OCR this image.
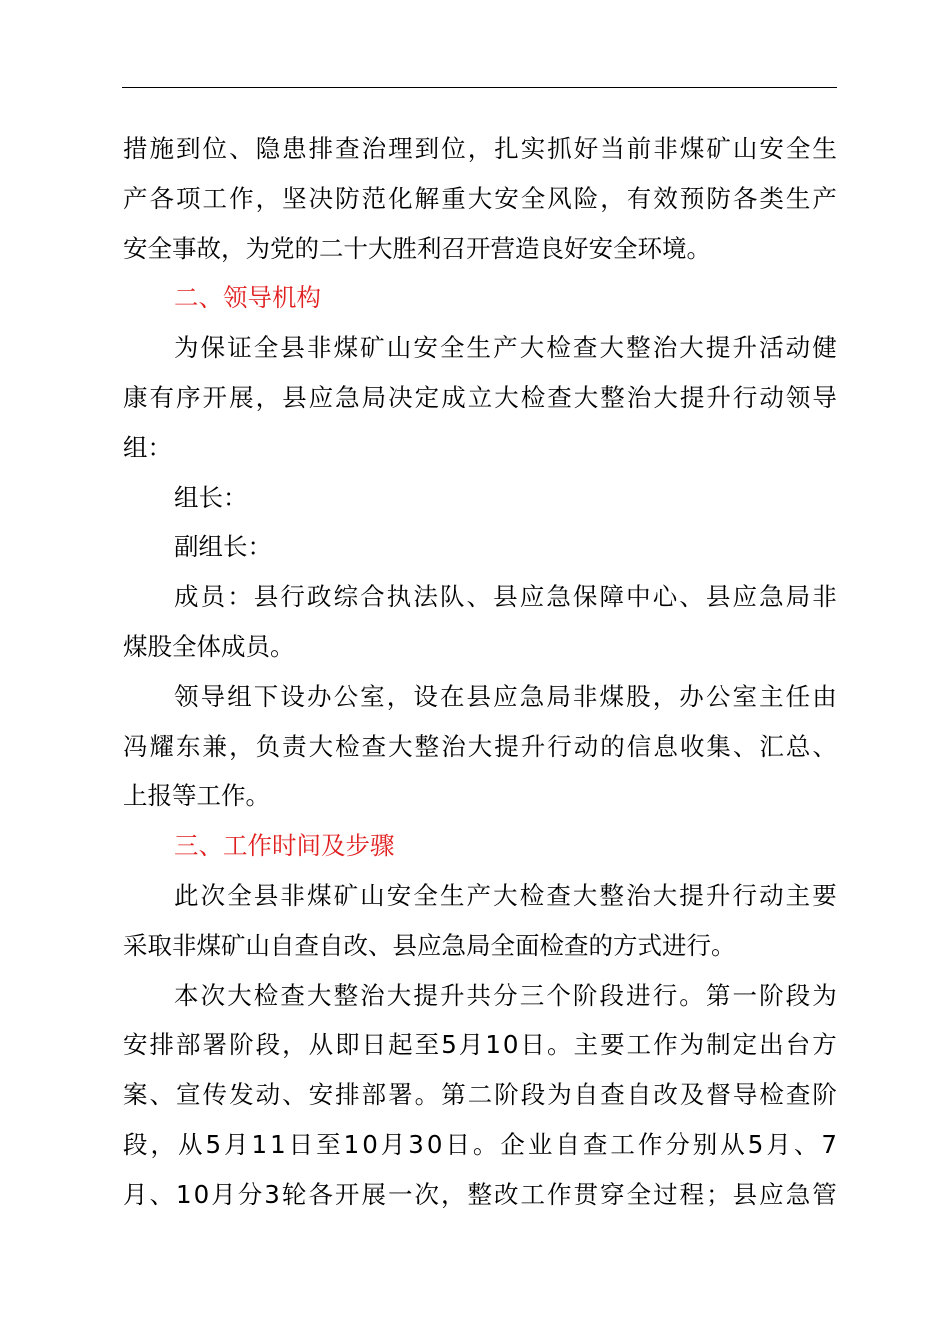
措 施 到 位 、 隐 患 排 查 治 理 到 位 ， 扎 实 抓 好 当 前 非 煤 矿 山 安 全 生
产 各 项 工 作 ， 坚 决 防 范 化 解 重 大 安 全 风 险 ， 有 效 预 防 各 类 生 产
安全事故，为党的二十大胜利召开营造良好安全环境。
二、领导机构
为 保 证 全 县 非 煤 矿 山 安 全 生 产 大 检 查 大 整 治 大 提 升 活 动 健
康 有 序 开 展 ， 县 应 急 局 决 定 成 立 大 检 查 大 整 治 大 提 升 行 动 领 导
组：
组长：
副组长：
成 员 ： 县 行 政 综 合 执 法 队 、 县 应 急 保 障 中 心 、 县 应 急 局 非
煤股全体成员。
领 导 组 下 设 办 公 室 ， 设 在 县 应 急 局 非 煤 股 ， 办 公 室 主 任 由
冯 耀 东 兼 ， 负 责 大 检 查 大 整 治 大 提 升 行 动 的 信 息 收 集 、 汇 总 、
上报等工作。
三、工作时间及步骤
此 次 全 县 非 煤 矿 山 安 全 生 产 大 检 查 大 整 治 大 提 升 行 动 主 要
采取非煤矿山自查自改、县应急局全面检查的方式进行。
本 次 大 检 查 大 整 治 大 提 升 共 分 三 个 阶 段 进 行 。 第 一 阶 段 为
安 排 部 署 阶 段 ， 从 即 日 起 至 5 月 1 0 日 。 主 要 工 作 为 制 定 出 台 方
案 、 宣 传 发 动 、 安 排 部 署 。 第 二 阶 段 为 自 查 自 改 及 督 导 检 查 阶
段 ， 从 5 月 1 1 日 至 1 0 月 3 0 日 。 企 业 自 查 工 作 分 别 从 5 月 、 7
月 、 1 0 月 分 3 轮 各 开 展 一 次 ， 整 改 工 作 贯 穿 全 过 程 ； 县 应 急 管
